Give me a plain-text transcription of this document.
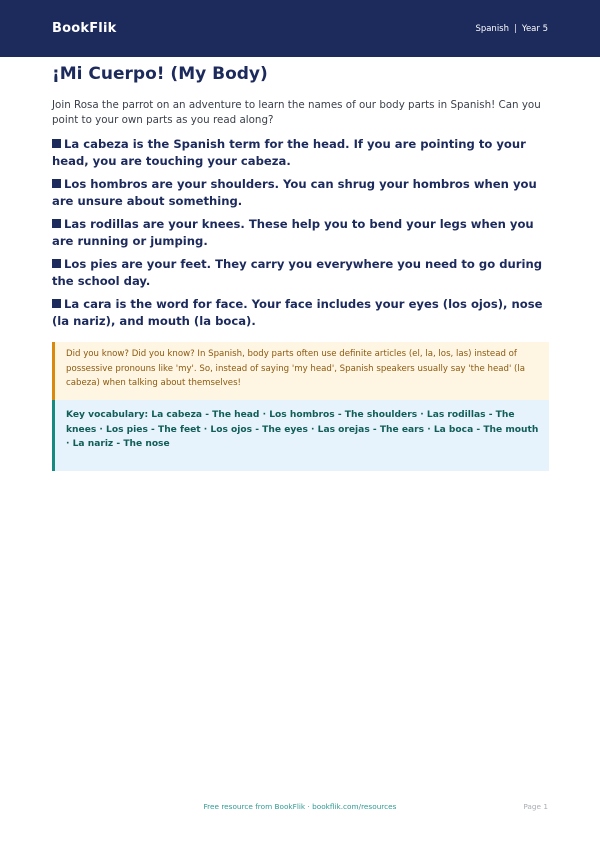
BookFlik	Spanish | Year 5
¡Mi Cuerpo! (My Body)

Join Rosa the parrot on an adventure to learn the names of our body parts in Spanish! Can you point to your own parts as you read along?

La cabeza is the Spanish term for the head. If you are pointing to your head, you are touching your cabeza.
Los hombros are your shoulders. You can shrug your hombros when you are unsure about something.
Las rodillas are your knees. These help you to bend your legs when you are running or jumping.
Los pies are your feet. They carry you everywhere you need to go during the school day.
La cara is the word for face. Your face includes your eyes (los ojos), nose (la nariz), and mouth (la boca).
Did you know? Did you know? In Spanish, body parts often use definite articles (el, la, los, las) instead of possessive pronouns like 'my'. So, instead of saying 'my head', Spanish speakers usually say 'the head' (la cabeza) when talking about themselves!
Key vocabulary: La cabeza - The head · Los hombros - The shoulders · Las rodillas - The knees · Los pies - The feet · Los ojos - The eyes · Las orejas - The ears · La boca - The mouth · La nariz - The nose
Free resource from BookFlik · bookflik.com/resources	Page 1
